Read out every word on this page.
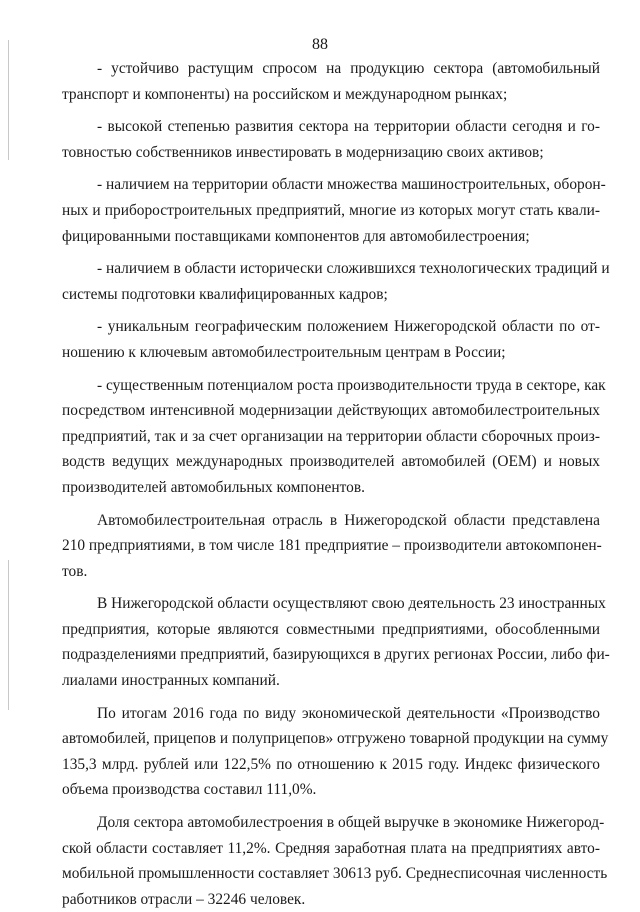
88
- устойчиво растущим спросом на продукцию сектора (автомобильный
транспорт и компоненты) на российском и международном рынках;
- высокой степенью развития сектора на территории области сегодня и го-
товностью собственников инвестировать в модернизацию своих активов;
- наличием на территории области множества машиностроительных, оборон-
ных и приборостроительных предприятий, многие из которых могут стать квали-
фицированными поставщиками компонентов для автомобилестроения;
- наличием в области исторически сложившихся технологических традиций и
системы подготовки квалифицированных кадров;
- уникальным географическим положением Нижегородской области по от-
ношению к ключевым автомобилестроительным центрам в России;
- существенным потенциалом роста производительности труда в секторе, как
посредством интенсивной модернизации действующих автомобилестроительных
предприятий, так и за счет организации на территории области сборочных произ-
водств ведущих международных производителей автомобилей (OEM) и новых
производителей автомобильных компонентов.
Автомобилестроительная отрасль в Нижегородской области представлена
210 предприятиями, в том числе 181 предприятие – производители автокомпонен-
тов.
В Нижегородской области осуществляют свою деятельность 23 иностранных
предприятия, которые являются совместными предприятиями, обособленными
подразделениями предприятий, базирующихся в других регионах России, либо фи-
лиалами иностранных компаний.
По итогам 2016 года по виду экономической деятельности «Производство
автомобилей, прицепов и полуприцепов» отгружено товарной продукции на сумму
135,3 млрд. рублей или 122,5% по отношению к 2015 году. Индекс физического
объема производства составил 111,0%.
Доля сектора автомобилестроения в общей выручке в экономике Нижегород-
ской области составляет 11,2%. Средняя заработная плата на предприятиях авто-
мобильной промышленности составляет 30613 руб. Среднесписочная численность
работников отрасли – 32246 человек.
